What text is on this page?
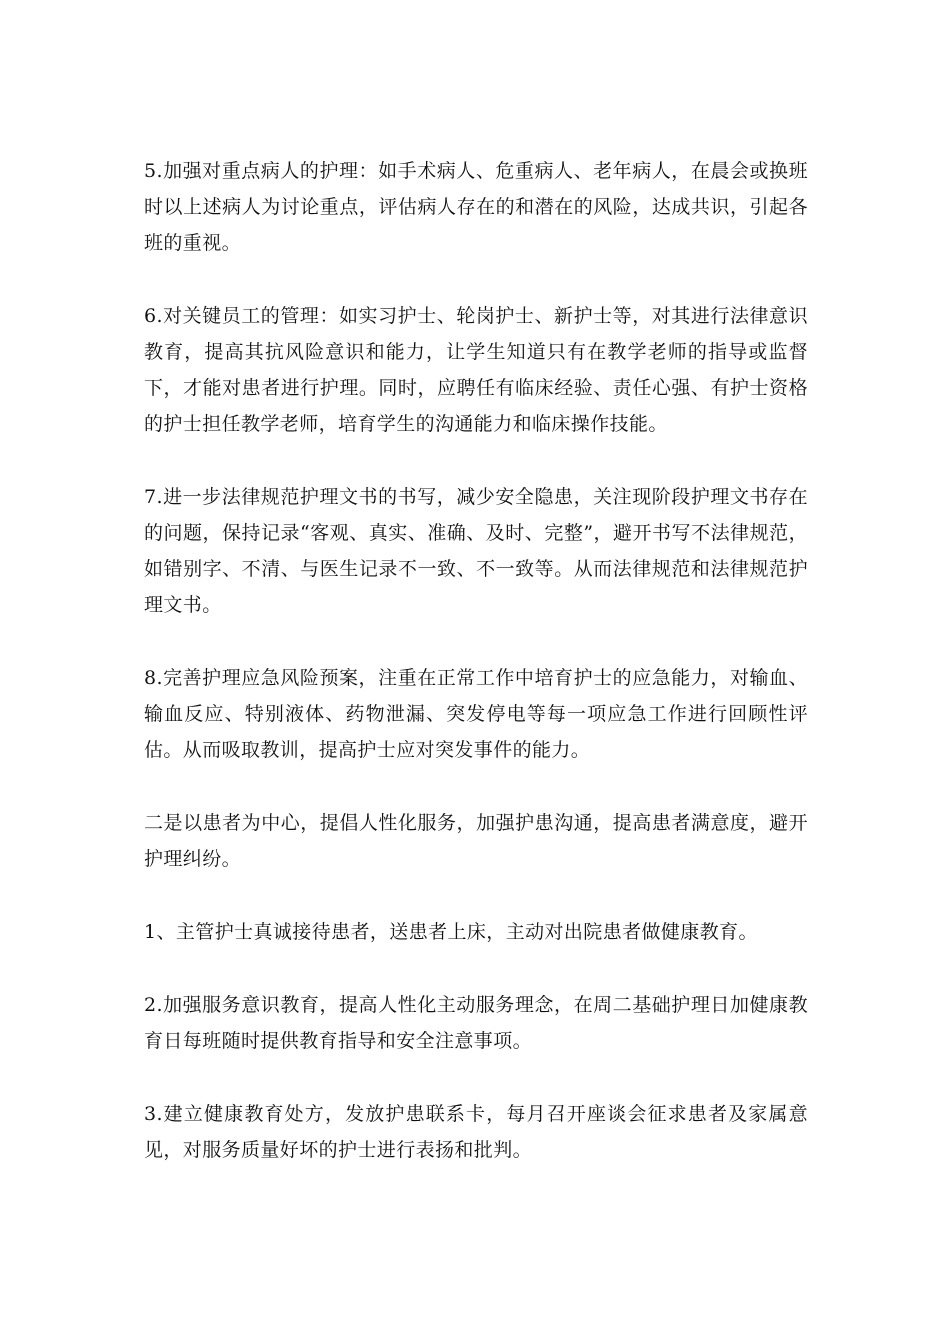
5.加强对重点病人的护理：如手术病人、危重病人、老年病人，在晨会或换班时以上述病人为讨论重点，评估病人存在的和潜在的风险，达成共识，引起各班的重视。

6.对关键员工的管理：如实习护士、轮岗护士、新护士等，对其进行法律意识教育，提高其抗风险意识和能力，让学生知道只有在教学老师的指导或监督下，才能对患者进行护理。同时，应聘任有临床经验、责任心强、有护士资格的护士担任教学老师，培育学生的沟通能力和临床操作技能。

7.进一步法律规范护理文书的书写，减少安全隐患，关注现阶段护理文书存在的问题，保持记录“客观、真实、准确、及时、完整”，避开书写不法律规范，如错别字、不清、与医生记录不一致、不一致等。从而法律规范和法律规范护理文书。

8.完善护理应急风险预案，注重在正常工作中培育护士的应急能力，对输血、输血反应、特别液体、药物泄漏、突发停电等每一项应急工作进行回顾性评估。从而吸取教训，提高护士应对突发事件的能力。

二是以患者为中心，提倡人性化服务，加强护患沟通，提高患者满意度，避开护理纠纷。

1、主管护士真诚接待患者，送患者上床，主动对出院患者做健康教育。

2.加强服务意识教育，提高人性化主动服务理念，在周二基础护理日加健康教育日每班随时提供教育指导和安全注意事项。

3.建立健康教育处方，发放护患联系卡，每月召开座谈会征求患者及家属意见，对服务质量好坏的护士进行表扬和批判。
